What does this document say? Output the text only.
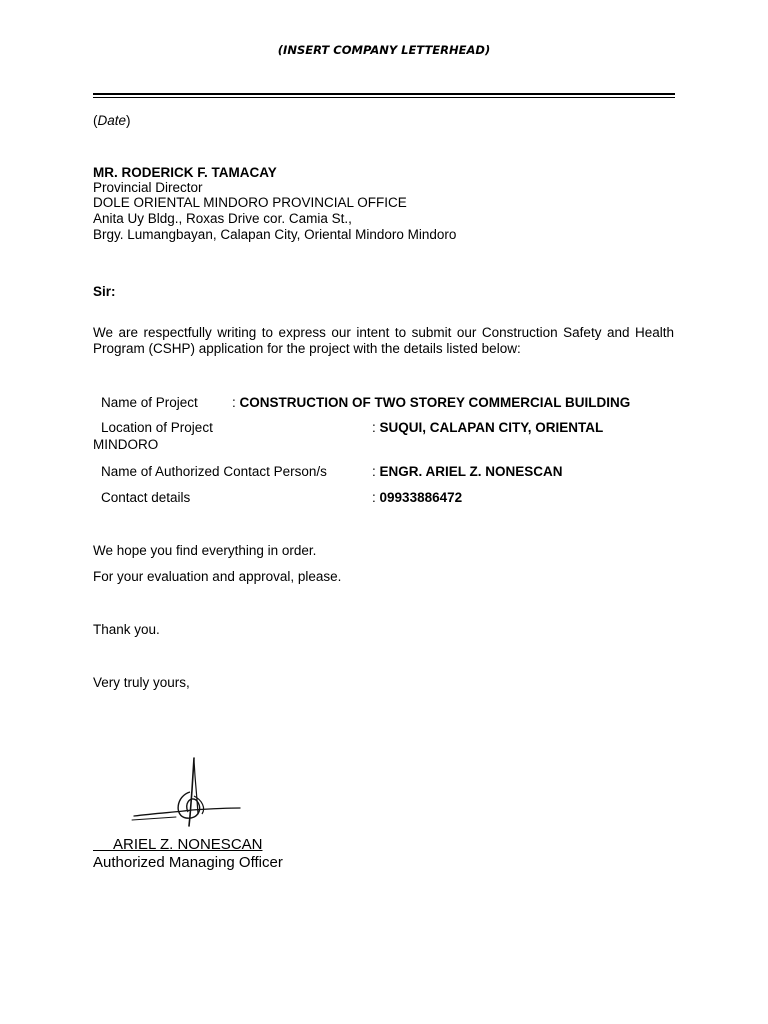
(INSERT COMPANY LETTERHEAD)
(Date)
MR. RODERICK F. TAMACAY
Provincial Director
DOLE ORIENTAL MINDORO PROVINCIAL OFFICE
Anita Uy Bldg., Roxas Drive cor. Camia St.,
Brgy. Lumangbayan, Calapan City, Oriental Mindoro Mindoro
Sir:
We are respectfully writing to express our intent to submit our Construction Safety and Health Program (CSHP) application for the project with the details listed below:
Name of Project	: CONSTRUCTION OF TWO STOREY COMMERCIAL BUILDING
Location of Project	: SUQUI, CALAPAN CITY, ORIENTAL
MINDORO
Name of Authorized Contact Person/s	: ENGR. ARIEL Z. NONESCAN
Contact details	: 09933886472
We hope you find everything in order.
For your evaluation and approval, please.
Thank you.
Very truly yours,
ARIEL Z. NONESCAN
Authorized Managing Officer
